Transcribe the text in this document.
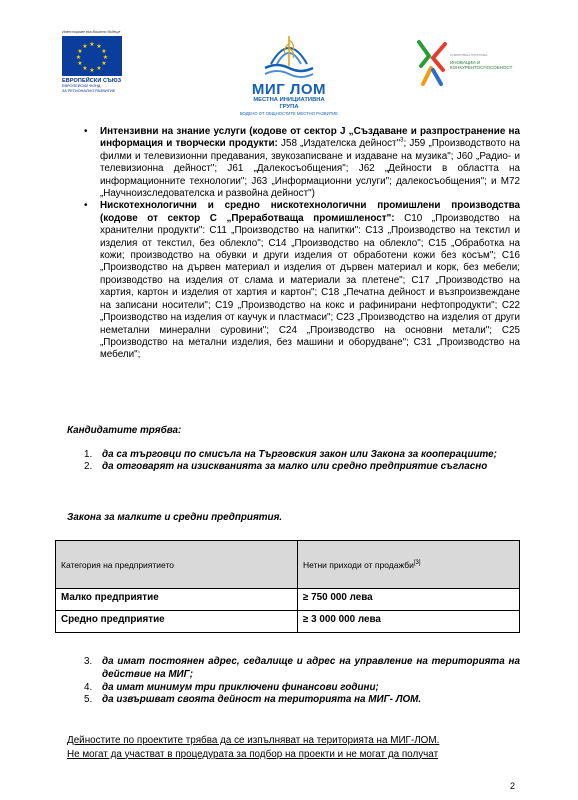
Инвестираме във Вашето бъдеще
★ ★
★
★
★
★
★
★
★
★
★
★
ЕВРОПЕЙСКИ СЪЮЗ
ЕВРОПЕЙСКИ ФОНД
ЗА РЕГИОНАЛНО РАЗВИТИЕ	МИГ ЛОМ
МЕСТНА ИНИЦИАТИВНА
ГРУПА
ВОДЕНО ОТ ОБЩНОСТИТЕ МЕСТНО РАЗВИТИЕ
ОПЕРАТИВНА ПРОГРАМА
ИНОВАЦИИ И
КОНКУРЕНТОСПОСОБНОСТ
• Интензивни на знание услуги (кодове от сектор J „Създаване и разпространение на информация и творчески продукти: J58 „Издателска дейност"$^3$; J59 „Производството на филми и телевизионни предавания, звукозаписване и издаване на музика"; J60 „Радио- и телевизионна дейност"; J61 „Далекосъобщения"; J62 „Дейности в областта на информационните технологии"; J63 „Информационни услуги"; далекосъобщения"; и M72 „Научноизследователска и развойна дейност")
• Нискотехнологични и средно нискотехнологични промишлени производства (кодове от сектор C „Преработваща промишленост": C10 „Производство на хранителни продукти": C11 „Производство на напитки": C13 „Производство на текстил и изделия от текстил, без облекло"; C14 „Производство на облекло"; C15 „Обработка на кожи; производство на обувки и други изделия от обработени кожи без косъм"; C16 „Производство на дървен материал и изделия от дървен материал и корк, без мебели; производство на изделия от слама и материали за плетене"; C17 „Производство на хартия, картон и изделия от хартия и картон"; C18 „Печатна дейност и възпроизвеждане на записани носители"; C19 „Производство на кокс и рафинирани нефтопродукти"; C22 „Производство на изделия от каучук и пластмаси"; C23 „Производство на изделия от други неметални минерални суровини"; C24 „Производство на основни метали"; C25 „Производство на метални изделия, без машини и оборудване"; C31 „Производство на мебели";
Кандидатите трябва:
1. да са търговци по смисъла на Търговския закон или Закона за кооперациите;
2. да отговарят на изискванията за малко или средно предприятие съгласно
Закона за малките и средни предприятия.
Категория на предприятието	Нетни приходи от продажби[3]
Малко предприятие	≥ 750 000 лева
Средно предприятие	≥ 3 000 000 лева
3. да имат постоянен адрес, седалище и адрес на управление на територията на действие на МИГ;
4. да имат минимум три приключени финансови години;
5. да извършват своята дейност на територията на МИГ- ЛОМ.
Дейностите по проектите трябва да се изпълняват на територията на МИГ-ЛОМ.
Не могат да участват в процедурата за подбор на проекти и не могат да получат
2
